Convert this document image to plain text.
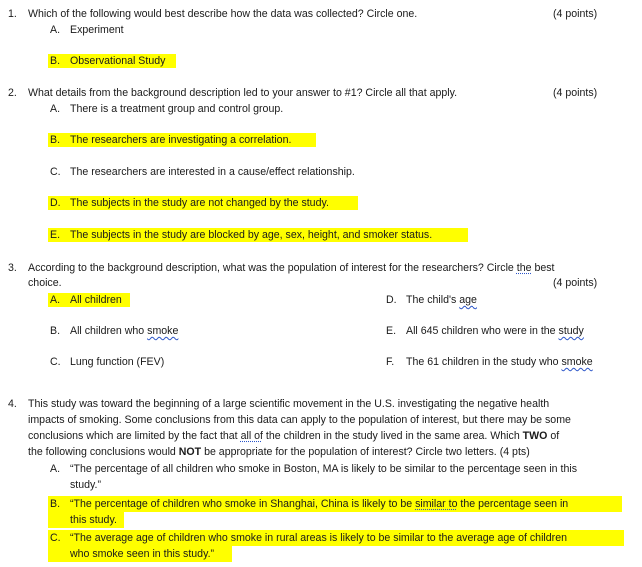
1. Which of the following would best describe how the data was collected? Circle one.	(4 points)
A. Experiment
B. Observational Study
2. What details from the background description led to your answer to #1? Circle all that apply.	(4 points)
A. There is a treatment group and control group.
B. The researchers are investigating a correlation.
C. The researchers are interested in a cause/effect relationship.
D. The subjects in the study are not changed by the study.
E. The subjects in the study are blocked by age, sex, height, and smoker status.
3. According to the background description, what was the population of interest for the researchers? Circle the best
choice.	(4 points)
A. All children
B. All children who smoke
C. Lung function (FEV)
D. The child's age
E. All 645 children who were in the study
F. The 61 children in the study who smoke
4. This study was toward the beginning of a large scientific movement in the U.S. investigating the negative health
impacts of smoking. Some conclusions from this data can apply to the population of interest, but there may be some
conclusions which are limited by the fact that all of the children in the study lived in the same area. Which TWO of
the following conclusions would NOT be appropriate for the population of interest? Circle two letters. (4 pts)
A. “The percentage of all children who smoke in Boston, MA is likely to be similar to the percentage seen in this
study.”
B. “The percentage of children who smoke in Shanghai, China is likely to be similar to the percentage seen in
this study.
C. “The average age of children who smoke in rural areas is likely to be similar to the average age of children
who smoke seen in this study.”
